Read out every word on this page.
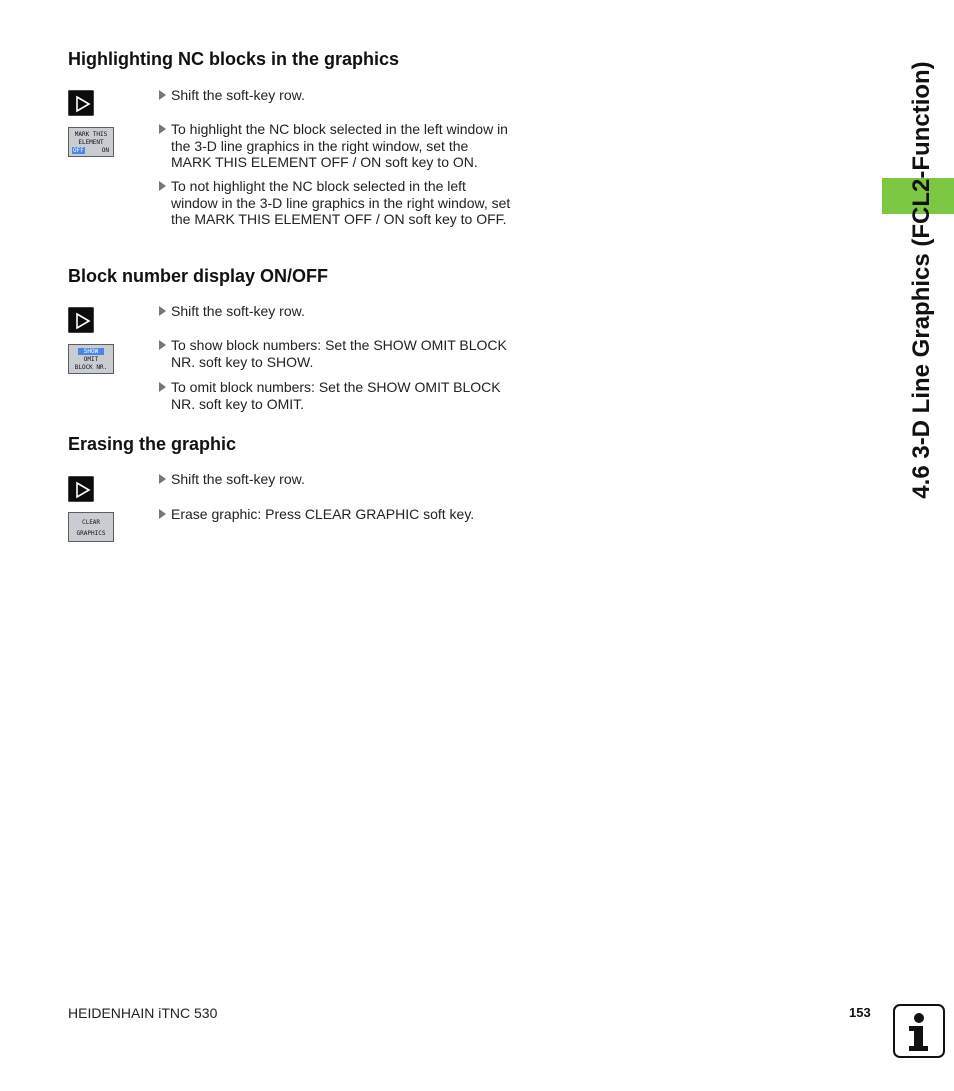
4.6 3-D Line Graphics (FCL2-Function)
Highlighting NC blocks in the graphics
MARK THIS
ELEMENT
OFF	ON
Shift the soft-key row.
To highlight the NC block selected in the left window in the 3-D line graphics in the right window, set the MARK THIS ELEMENT OFF / ON soft key to ON.
To not highlight the NC block selected in the left window in the 3-D line graphics in the right window, set the MARK THIS ELEMENT OFF / ON soft key to OFF.
Block number display ON/OFF
SHOW
OMIT
BLOCK NR.
Shift the soft-key row.
To show block numbers: Set the SHOW OMIT BLOCK NR. soft key to SHOW.
To omit block numbers: Set the SHOW OMIT BLOCK NR. soft key to OMIT.
Erasing the graphic
CLEAR
GRAPHICS
Shift the soft-key row.
Erase graphic: Press CLEAR GRAPHIC soft key.
HEIDENHAIN iTNC 530	153
